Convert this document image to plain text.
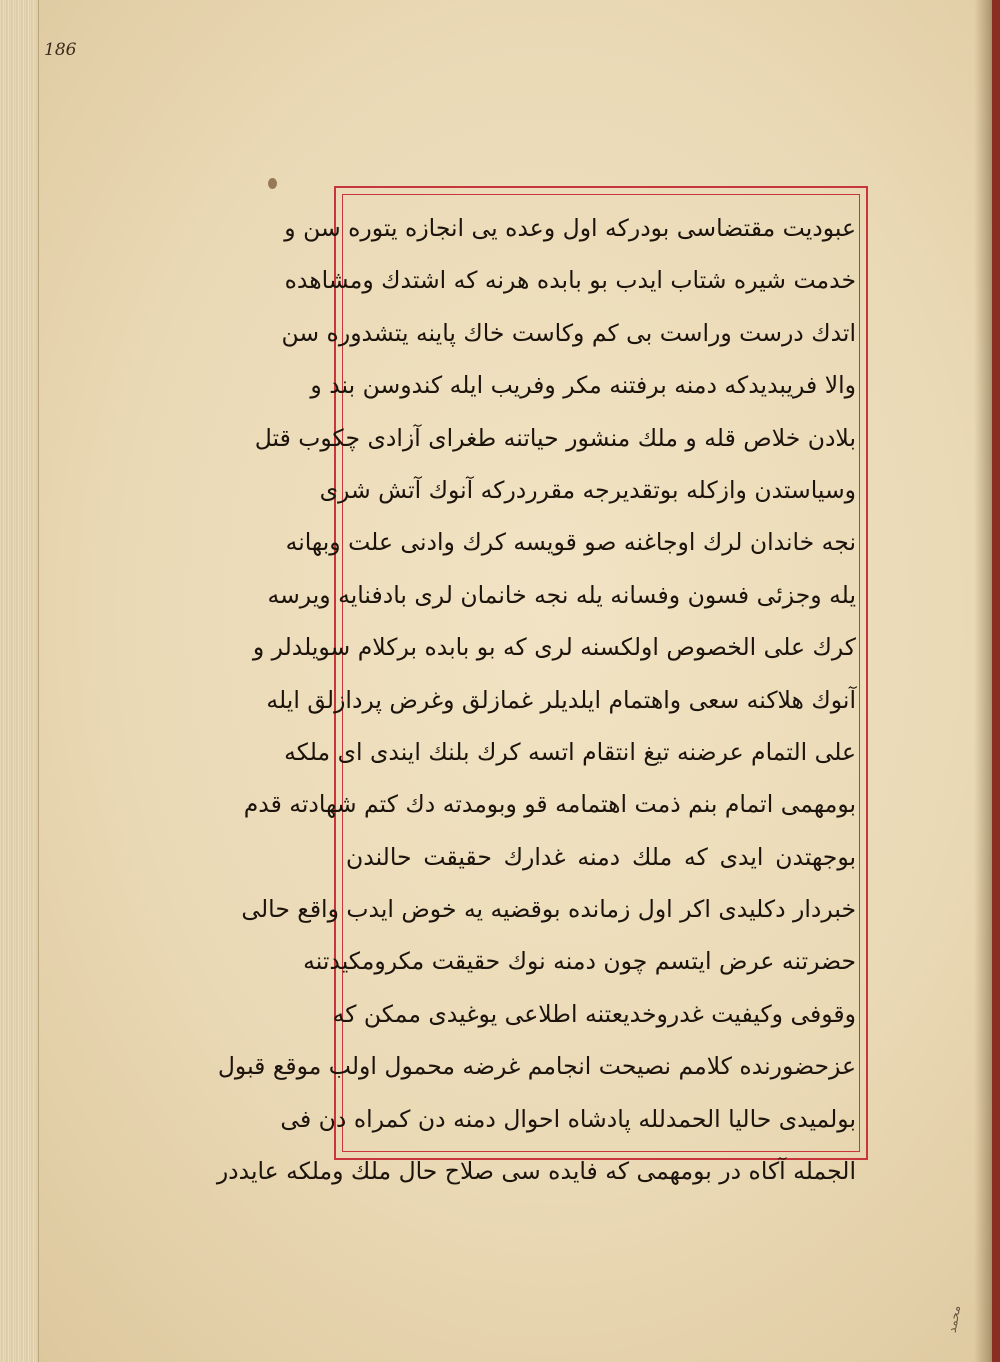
186
عبودیت مقتضاسی بودرکه اول وعده یی انجازه یتوره سن و
خدمت شیره شتاب ایدب بو بابده هرنه که اشتدك ومشاهده
اتدك درست وراست بی کم وکاست خاك پاینه یتشدوره سن
والا فریبدیدکه دمنه برفتنه مکر وفریب ایله کندوسن بند و
بلادن خلاص قله و ملك منشور حیاتنه طغرای آزادی چکوب قتل
وسیاستدن وازکله بوتقدیرجه مقرردرکه آنوك آتش شری
نجه خاندان لرك اوجاغنه صو قویسه کرك وادنی علت وبهانه
یله وجزئی فسون وفسانه یله نجه خانمان لری بادفنایه ویرسه
کرك علی الخصوص اولکسنه لری که بو بابده برکلام سویلدلر و
آنوك هلاکنه سعی واهتمام ایلدیلر غمازلق وغرض پردازلق ایله
علی التمام عرضنه تیغ انتقام اتسه کرك بلنك ایندی ای ملکه
بومهمی اتمام بنم ذمت اهتمامه قو وبومدته دك کتم شهادته قدم
بوجهتدن ایدی که ملك دمنه غدارك حقیقت حالندن
خبردار دکلیدی اکر اول زمانده بوقضیه یه خوض ایدب واقع حالی
حضرتنه عرض ایتسم چون دمنه نوك حقیقت مکرومکیدتنه
وقوفی وکیفیت غدروخدیعتنه اطلاعی یوغیدی ممکن که
عزحضورنده کلامم نصیحت انجامم غرضه محمول اولب موقع قبول
بولمیدی حالیا الحمدلله پادشاه احوال دمنه دن کمراه دن فی
الجمله آکاه در بومهمی که فایده سی صلاح حال ملك وملکه عایددر
محمد
